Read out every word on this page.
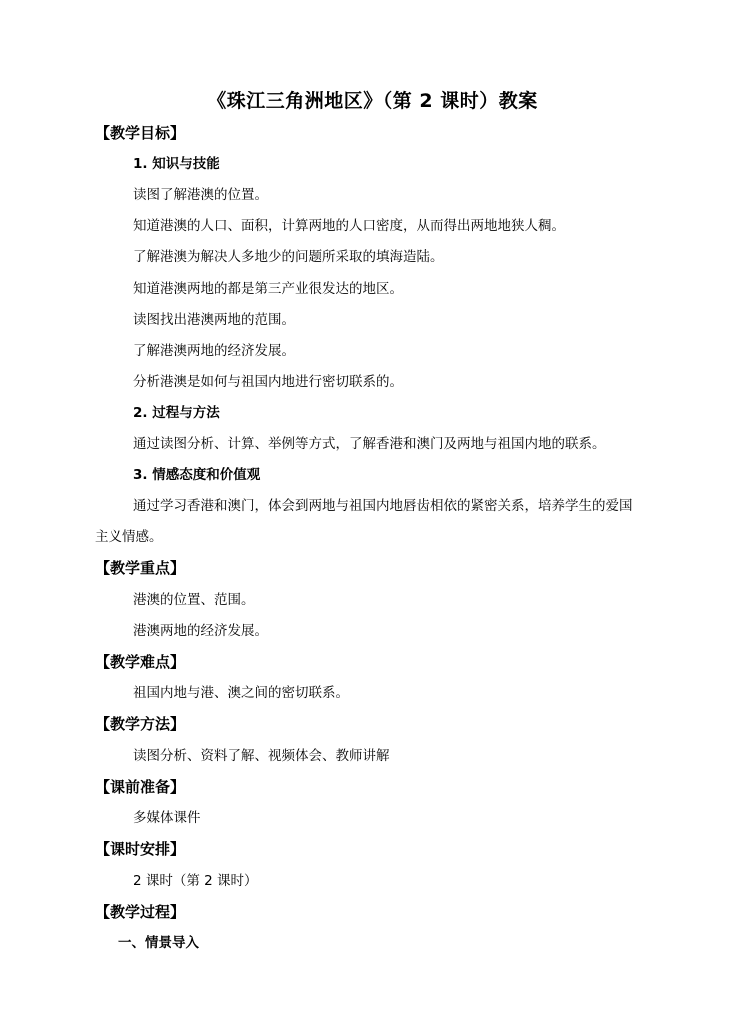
《珠江三角洲地区》（第 2 课时）教案
【教学目标】
1. 知识与技能
读图了解港澳的位置。
知道港澳的人口、面积，计算两地的人口密度，从而得出两地地狭人稠。
了解港澳为解决人多地少的问题所采取的填海造陆。
知道港澳两地的都是第三产业很发达的地区。
读图找出港澳两地的范围。
了解港澳两地的经济发展。
分析港澳是如何与祖国内地进行密切联系的。
2. 过程与方法
通过读图分析、计算、举例等方式，了解香港和澳门及两地与祖国内地的联系。
3. 情感态度和价值观
通过学习香港和澳门，体会到两地与祖国内地唇齿相依的紧密关系，培养学生的爱国
主义情感。
【教学重点】
港澳的位置、范围。
港澳两地的经济发展。
【教学难点】
祖国内地与港、澳之间的密切联系。
【教学方法】
读图分析、资料了解、视频体会、教师讲解
【课前准备】
多媒体课件
【课时安排】
2 课时（第 2 课时）
【教学过程】
一、情景导入
